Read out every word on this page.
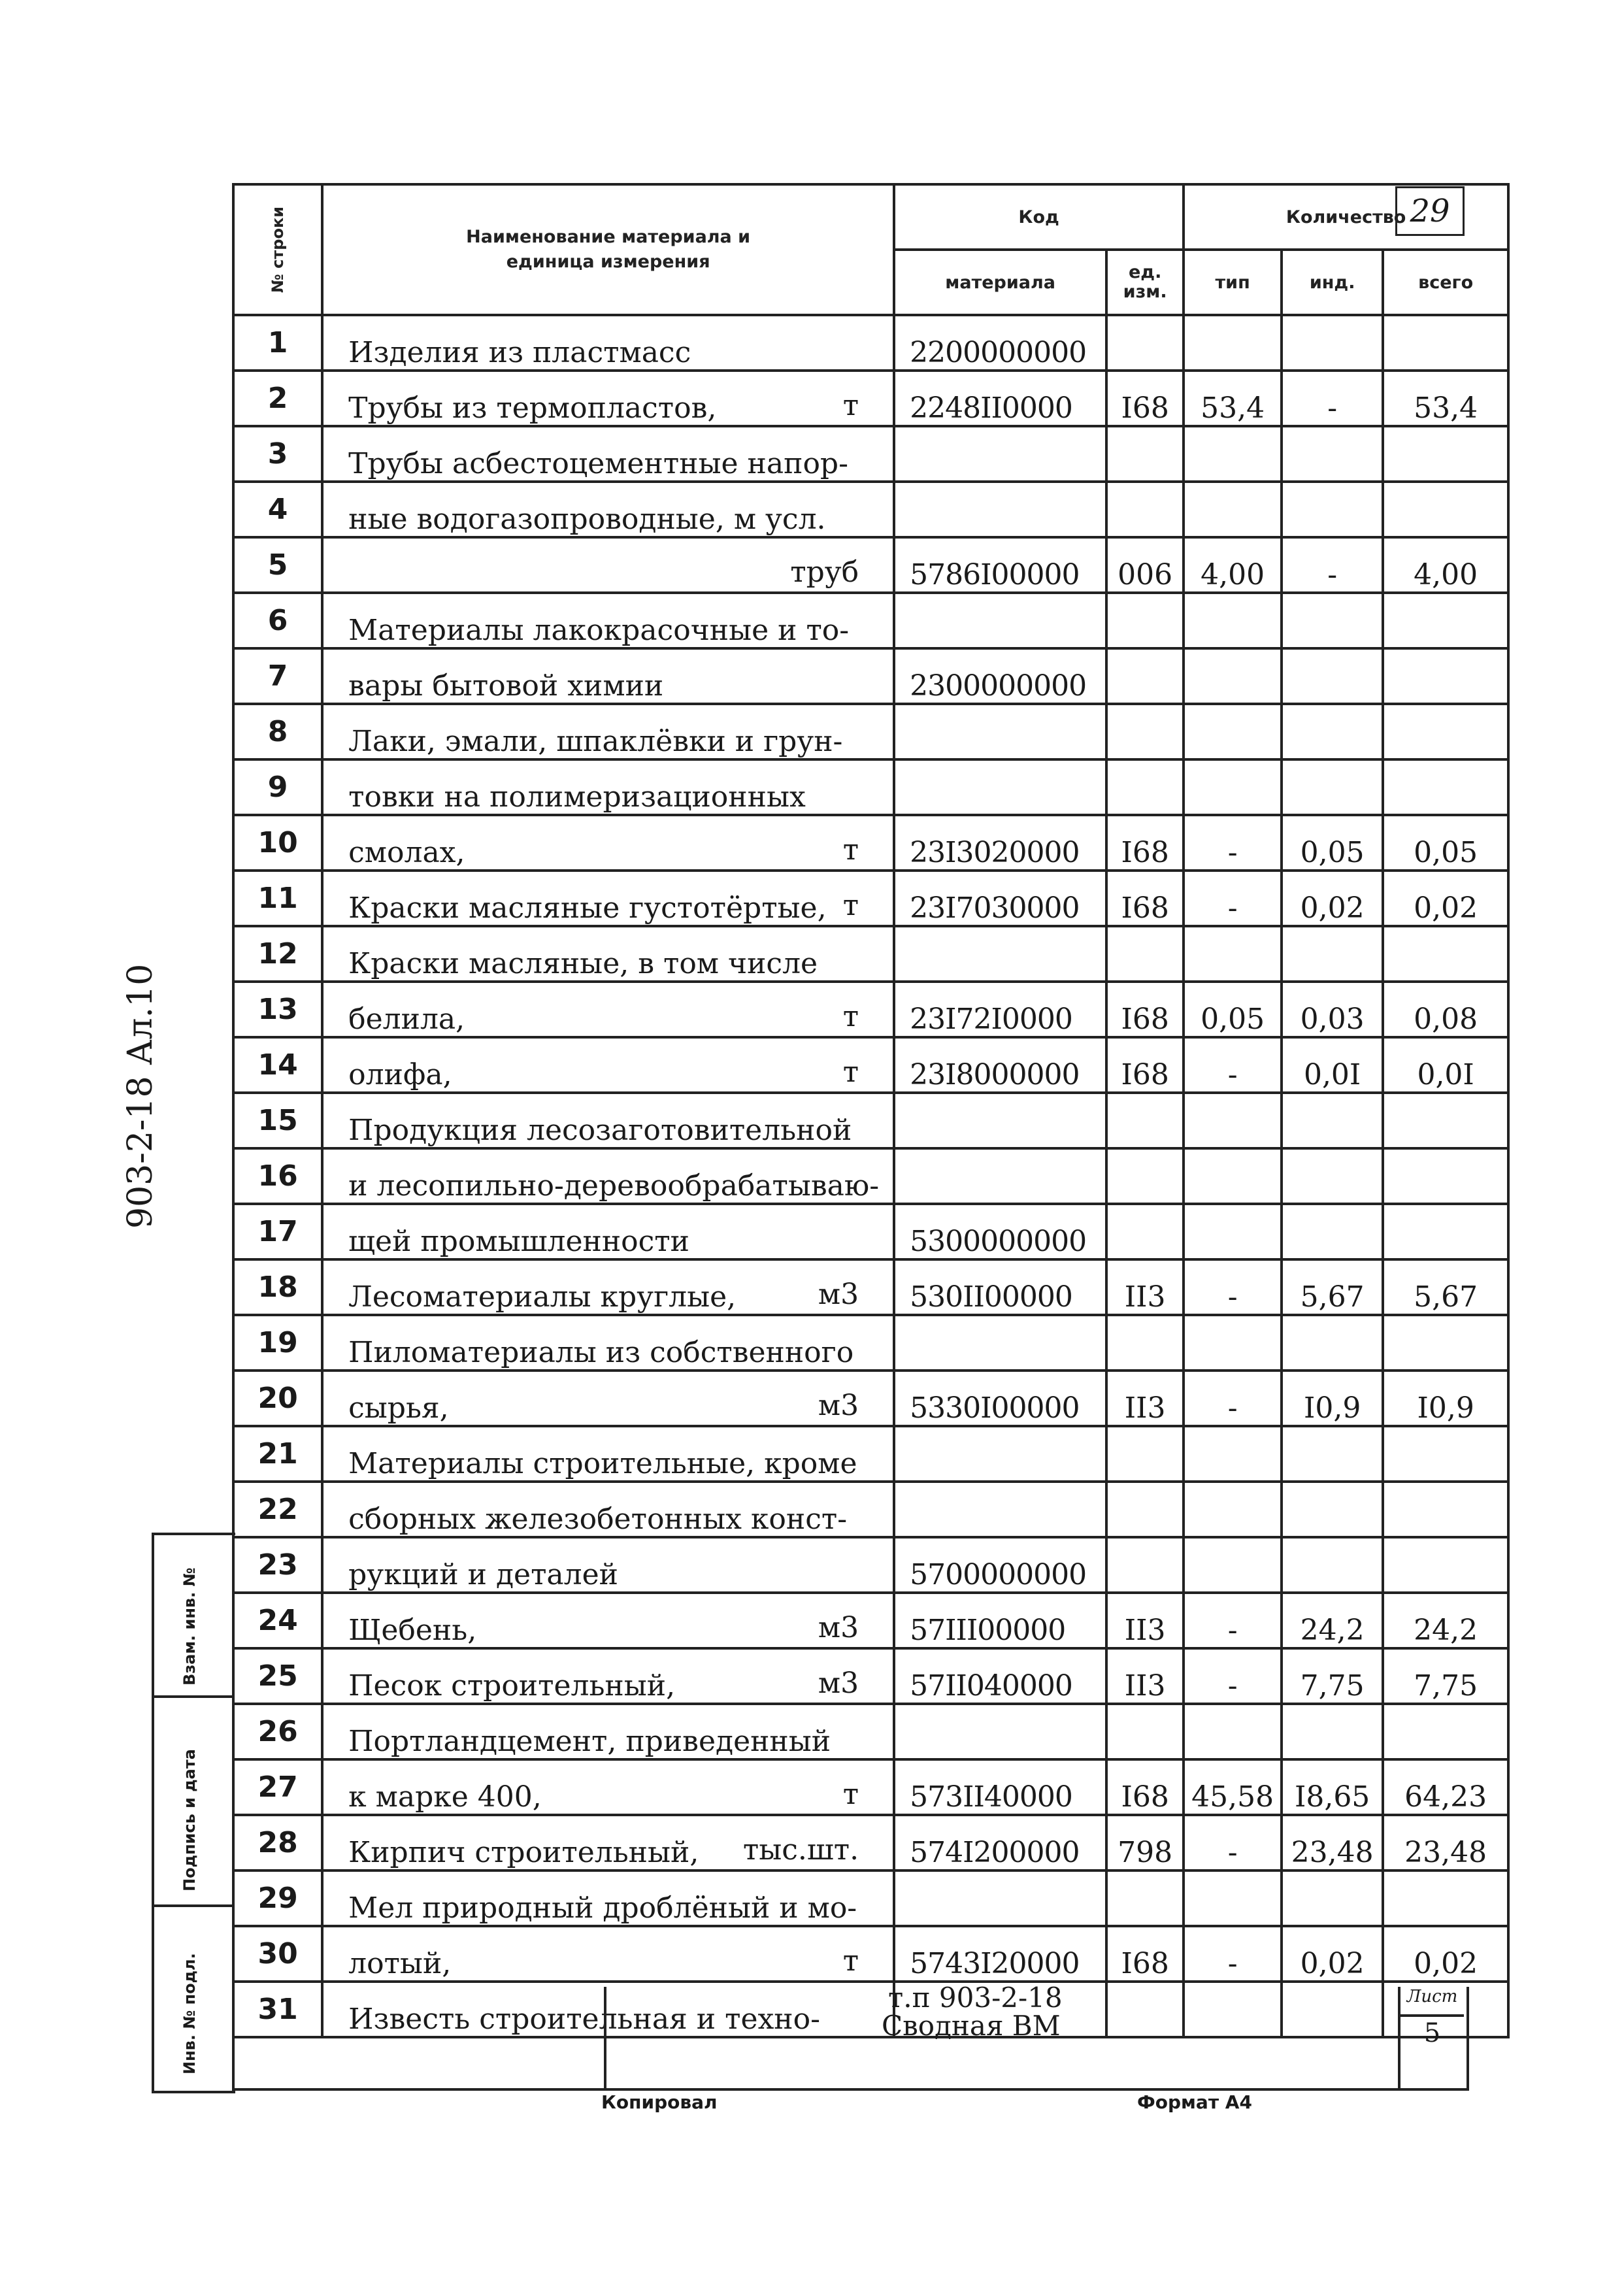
29
903-2-18 Ал.10
Взам. инв. №
Подпись и дата
Инв. № подл.
№ строки	Наименование материала и единица измерения	Код		Количество		
		материала	ед. изм.	тип	инд.	всего
1	Изделия из пластмасс	2200000000				
2	Трубы из термопластов, т	2248II0000	I68	53,4	-	53,4
3	Трубы асбестоцементные напор-

4	ные водогазопроводные, м усл.

5	труб	5786I00000	006	4,00	-	4,00
6	Материалы лакокрасочные и то-

7	вары бытовой химии	2300000000				
8	Лаки, эмали, шпаклёвки и грун-

9	товки на полимеризационных

10	смолах, т	23I3020000	I68	-	0,05	0,05
11	Краски масляные густотёртые, т	23I7030000	I68	-	0,02	0,02
12	Краски масляные, в том числе

13	белила, т	23I72I0000	I68	0,05	0,03	0,08
14	олифа, т	23I8000000	I68	-	0,0I	0,0I
15	Продукция лесозаготовительной

16	и лесопильно-деревообрабатываю-

17	щей промышленности	5300000000				
18	Лесоматериалы круглые, м3	530II00000	II3	-	5,67	5,67
19	Пиломатериалы из собственного

20	сырья, м3	5330I00000	II3	-	I0,9	I0,9
21	Материалы строительные, кроме

22	сборных железобетонных конст-

23	рукций и деталей	5700000000				
24	Щебень, м3	57III00000	II3	-	24,2	24,2
25	Песок строительный, м3	57II040000	II3	-	7,75	7,75
26	Портландцемент, приведенный

27	к марке 400, т	573II40000	I68	45,58	I8,65	64,23
28	Кирпич строительный, тыс.шт.	574I200000	798	-	23,48	23,48
29	Мел природный дроблёный и мо-

30	лотый, т	5743I20000	I68	-	0,02	0,02
31	Известь строительная и техно-

т.п 903-2-18
Сводная ВМ
Лист
5
Копировал	Формат А4
